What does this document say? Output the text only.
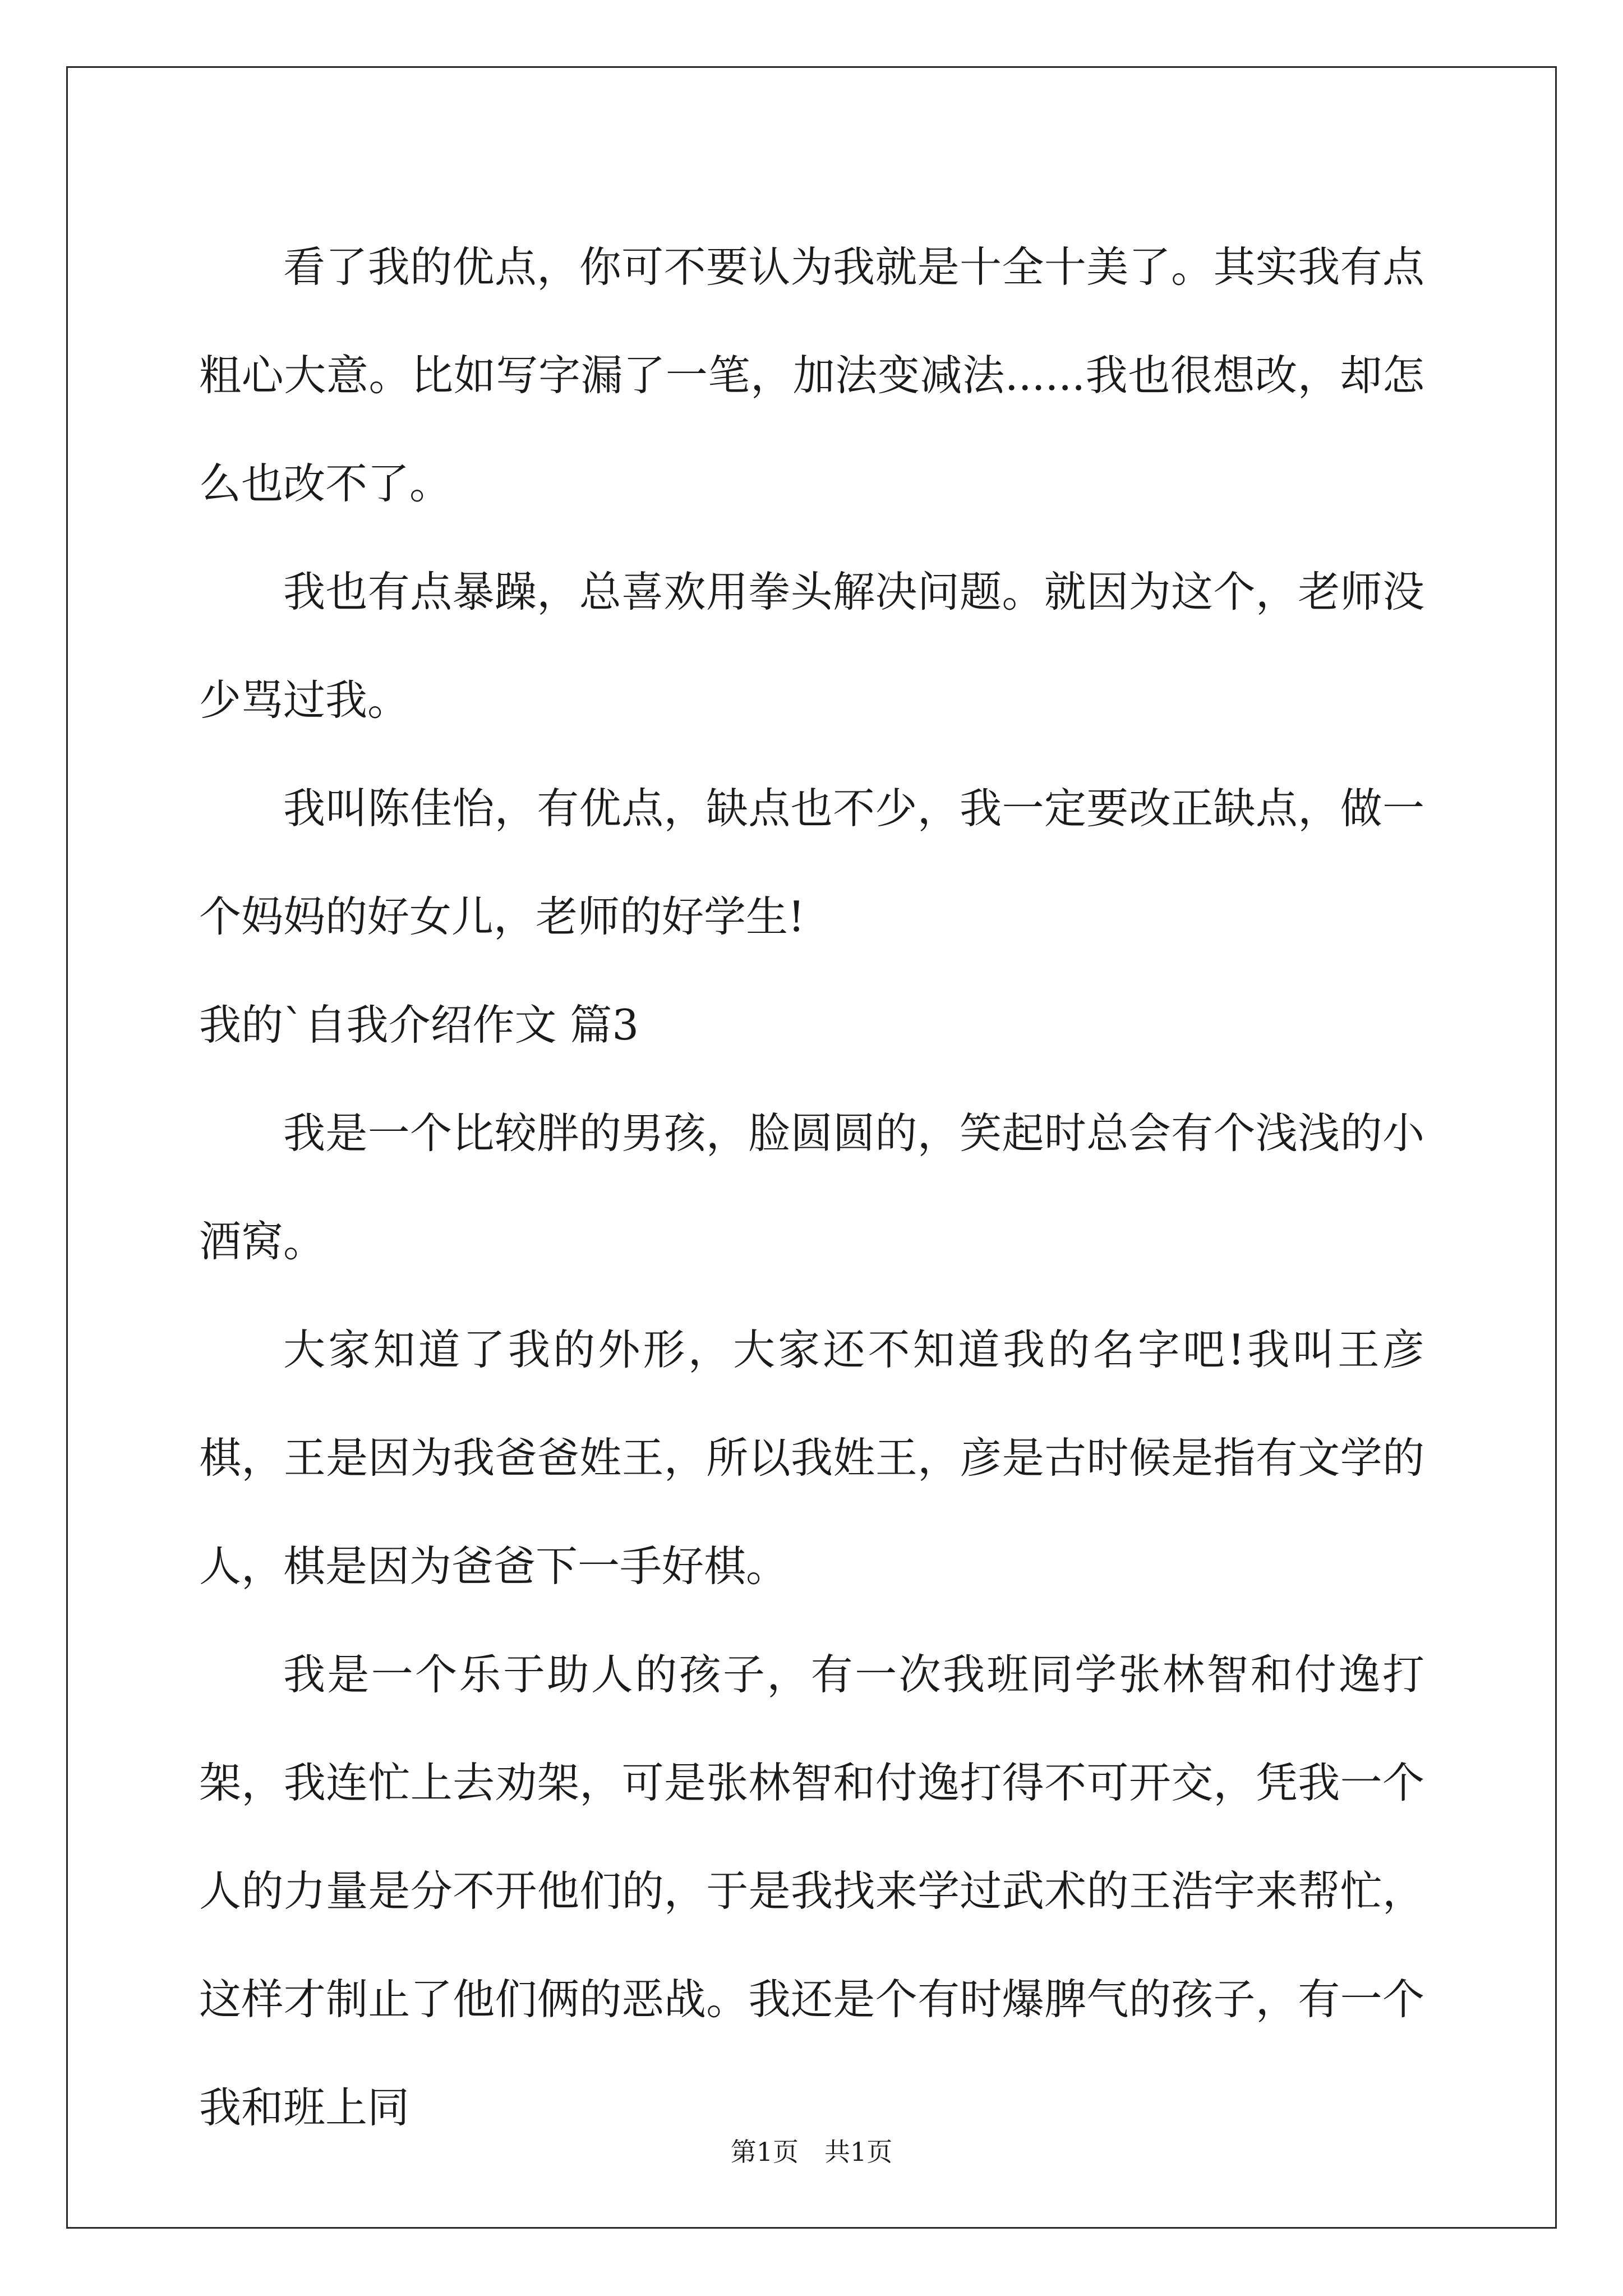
看了我的优点，你可不要认为我就是十全十美了。其实我有点粗心大意。比如写字漏了一笔，加法变减法......我也很想改，却怎么也改不了。

我也有点暴躁，总喜欢用拳头解决问题。就因为这个，老师没少骂过我。

我叫陈佳怡，有优点，缺点也不少，我一定要改正缺点，做一个妈妈的好女儿，老师的好学生!

我的`自我介绍作文 篇3

我是一个比较胖的男孩，脸圆圆的，笑起时总会有个浅浅的小酒窝。

大家知道了我的外形，大家还不知道我的名字吧!我叫王彦棋，王是因为我爸爸姓王，所以我姓王，彦是古时候是指有文学的人，棋是因为爸爸下一手好棋。

我是一个乐于助人的孩子，有一次我班同学张林智和付逸打架，我连忙上去劝架，可是张林智和付逸打得不可开交，凭我一个人的力量是分不开他们的，于是我找来学过武术的王浩宇来帮忙，这样才制止了他们俩的恶战。我还是个有时爆脾气的孩子，有一个我和班上同

第1页　共1页
